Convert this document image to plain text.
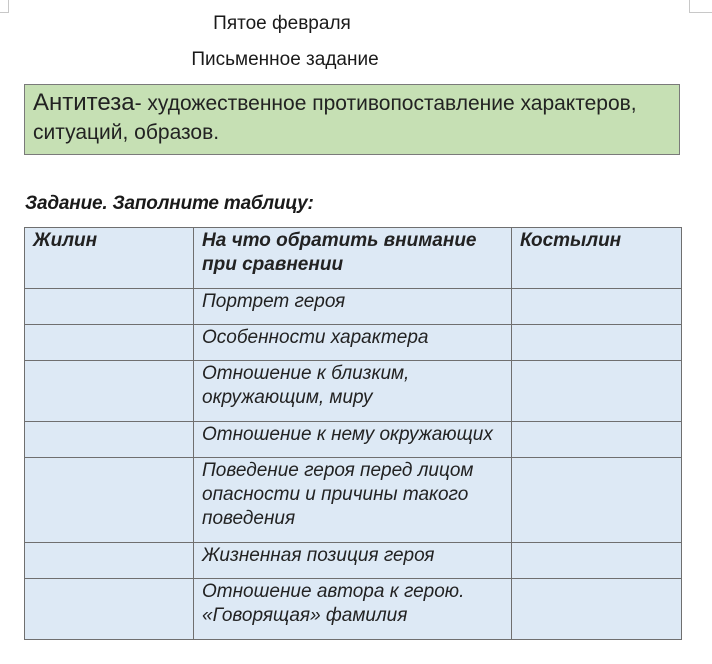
Пятое февраля
Письменное задание
Антитеза- художественное противопоставление характеров, ситуаций, образов.
Задание. Заполните таблицу:
Жилин	На что обратить внимание при сравнении	Костылин
	Портрет героя	
	Особенности характера	
	Отношение к близким, окружающим, миру	
	Отношение к нему окружающих	
	Поведение героя перед лицом опасности и причины такого поведения	
	Жизненная позиция героя	
	Отношение автора к герою. «Говорящая» фамилия	
